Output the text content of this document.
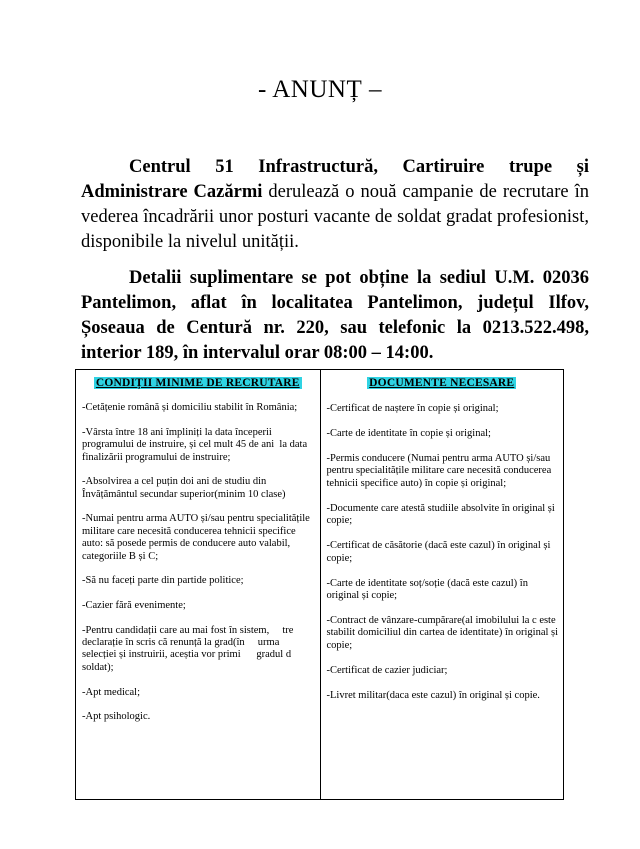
- ANUNȚ –
Centrul 51 Infrastructură, Cartiruire trupe și Administrare Cazărmi derulează o nouă campanie de recrutare în vederea încadrării unor posturi vacante de soldat gradat profesionist, disponibile la nivelul unității.
Detalii suplimentare se pot obține la sediul U.M. 02036 Pantelimon, aflat în localitatea Pantelimon, județul Ilfov, Șoseaua de Centură nr. 220, sau telefonic la 0213.522.498, interior 189, în intervalul orar 08:00 – 14:00.
CONDIȚII MINIME DE RECRUTARE
-Cetățenie română și domiciliu stabilit în România;
-Vârsta între 18 ani împliniți la data începerii programului de instruire, și cel mult 45 de ani  la data finalizării programului de instruire;
-Absolvirea a cel puțin doi ani de studiu din Învățământul secundar superior(minim 10 clase)
-Numai pentru arma AUTO și/sau pentru specialitățile militare care necesită conducerea tehnicii specifice auto: să posede permis de conducere auto valabil, categoriile B și C;
-Să nu faceți parte din partide politice;
-Cazier fără evenimente;
-Pentru candidații care au mai fost în sistem,     tre declarație în scris că renunță la grad(în     urma selecției și instruirii, aceștia vor primi      gradul d soldat);
-Apt medical;
-Apt psihologic.
DOCUMENTE NECESARE
-Certificat de naștere în copie și original;
-Carte de identitate în copie și original;
-Permis conducere (Numai pentru arma AUTO și/sau pentru specialitățile militare care necesită conducerea tehnicii specifice auto) în copie și original;
-Documente care atestă studiile absolvite în original și copie;
-Certificat de căsătorie (dacă este cazul) în original și copie;
-Carte de identitate soț/soție (dacă este cazul) în original și copie;
-Contract de vânzare-cumpărare(al imobilului la c este stabilit domiciliul din cartea de identitate) în original și copie;
-Certificat de cazier judiciar;
-Livret militar(daca este cazul) în original și copie.
